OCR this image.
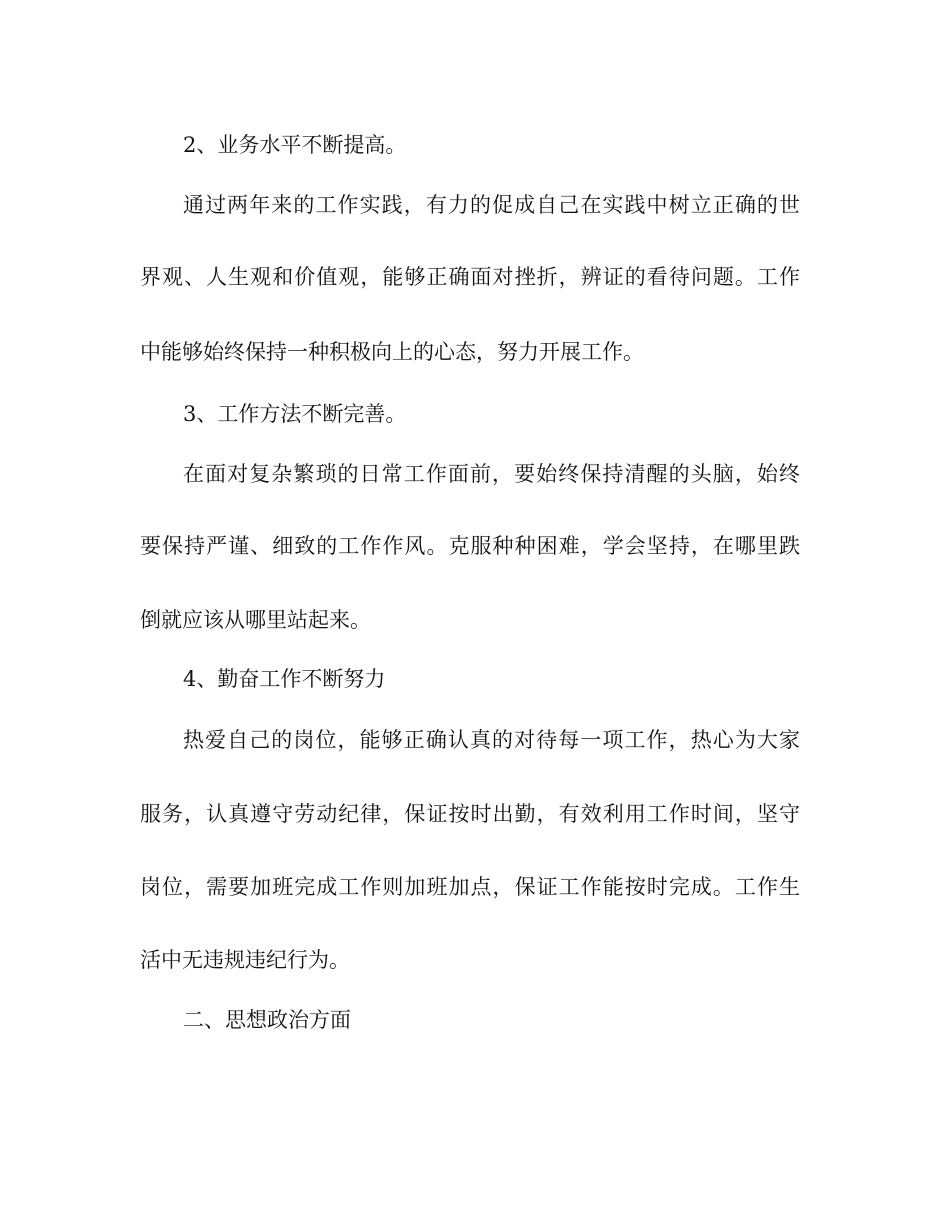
2、业务水平不断提高。
通过两年来的工作实践，有力的促成自己在实践中树立正确的世
界观、人生观和价值观，能够正确面对挫折，辨证的看待问题。工作
中能够始终保持一种积极向上的心态，努力开展工作。
3、工作方法不断完善。
在面对复杂繁琐的日常工作面前，要始终保持清醒的头脑，始终
要保持严谨、细致的工作作风。克服种种困难，学会坚持，在哪里跌
倒就应该从哪里站起来。
4、勤奋工作不断努力
热爱自己的岗位，能够正确认真的对待每一项工作，热心为大家
服务，认真遵守劳动纪律，保证按时出勤，有效利用工作时间，坚守
岗位，需要加班完成工作则加班加点，保证工作能按时完成。工作生
活中无违规违纪行为。
二、思想政治方面
